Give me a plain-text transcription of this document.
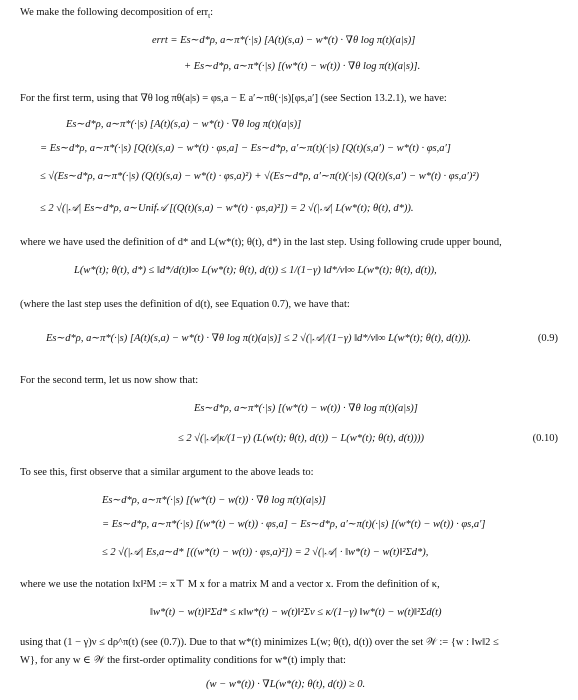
We make the following decomposition of err$_t$:
errt = Es∼d*ρ, a∼π*(·|s) [A(t)(s,a) − w*(t) · ∇θ log π(t)(a|s)]
+ Es∼d*ρ, a∼π*(·|s) [(w*(t) − w(t)) · ∇θ log π(t)(a|s)].
For the first term, using that ∇θ log πθ(a|s) = φs,a − E a′∼πθ(·|s)[φs,a′] (see Section 13.2.1), we have:
Es∼d*ρ, a∼π*(·|s) [A(t)(s,a) − w*(t) · ∇θ log π(t)(a|s)]
= Es∼d*ρ, a∼π*(·|s) [Q(t)(s,a) − w*(t) · φs,a] − Es∼d*ρ, a′∼π(t)(·|s) [Q(t)(s,a′) − w*(t) · φs,a′]
≤ √(Es∼d*ρ, a∼π*(·|s) (Q(t)(s,a) − w*(t) · φs,a)²) + √(Es∼d*ρ, a′∼π(t)(·|s) (Q(t)(s,a′) − w*(t) · φs,a′)²)
≤ 2 √(|𝒜| Es∼d*ρ, a∼Unif𝒜 [(Q(t)(s,a) − w*(t) · φs,a)²]) = 2 √(|𝒜| L(w*(t); θ(t), d*)).
where we have used the definition of d* and L(w*(t); θ(t), d*) in the last step. Using following crude upper bound,
L(w*(t); θ(t), d*) ≤ ‖d*/d(t)‖∞ L(w*(t); θ(t), d(t)) ≤ 1/(1−γ) ‖d*/ν‖∞ L(w*(t); θ(t), d(t)),
(where the last step uses the definition of d(t), see Equation 0.7), we have that:
Es∼d*ρ, a∼π*(·|s) [A(t)(s,a) − w*(t) · ∇θ log π(t)(a|s)] ≤ 2 √(|𝒜|/(1−γ) ‖d*/ν‖∞ L(w*(t); θ(t), d(t))).	(0.9)
For the second term, let us now show that:
Es∼d*ρ, a∼π*(·|s) [(w*(t) − w(t)) · ∇θ log π(t)(a|s)]
≤ 2 √(|𝒜|κ/(1−γ) (L(w(t); θ(t), d(t)) − L(w*(t); θ(t), d(t))))	(0.10)
To see this, first observe that a similar argument to the above leads to:
Es∼d*ρ, a∼π*(·|s) [(w*(t) − w(t)) · ∇θ log π(t)(a|s)]
= Es∼d*ρ, a∼π*(·|s) [(w*(t) − w(t)) · φs,a] − Es∼d*ρ, a′∼π(t)(·|s) [(w*(t) − w(t)) · φs,a′]
≤ 2 √(|𝒜| Es,a∼d* [((w*(t) − w(t)) · φs,a)²]) = 2 √(|𝒜| · ‖w*(t) − w(t)‖²Σd*),
where we use the notation ‖x‖²M := x⊤ M x for a matrix M and a vector x. From the definition of κ,
‖w*(t) − w(t)‖²Σd* ≤ κ‖w*(t) − w(t)‖²Σν ≤ κ/(1−γ) ‖w*(t) − w(t)‖²Σd(t)
using that (1 − γ)ν ≤ dρ^π(t) (see (0.7)). Due to that w*(t) minimizes L(w; θ(t), d(t)) over the set 𝒲 := {w : ‖w‖2 ≤
W}, for any w ∈ 𝒲 the first-order optimality conditions for w*(t) imply that:
(w − w*(t)) · ∇L(w*(t); θ(t), d(t)) ≥ 0.
